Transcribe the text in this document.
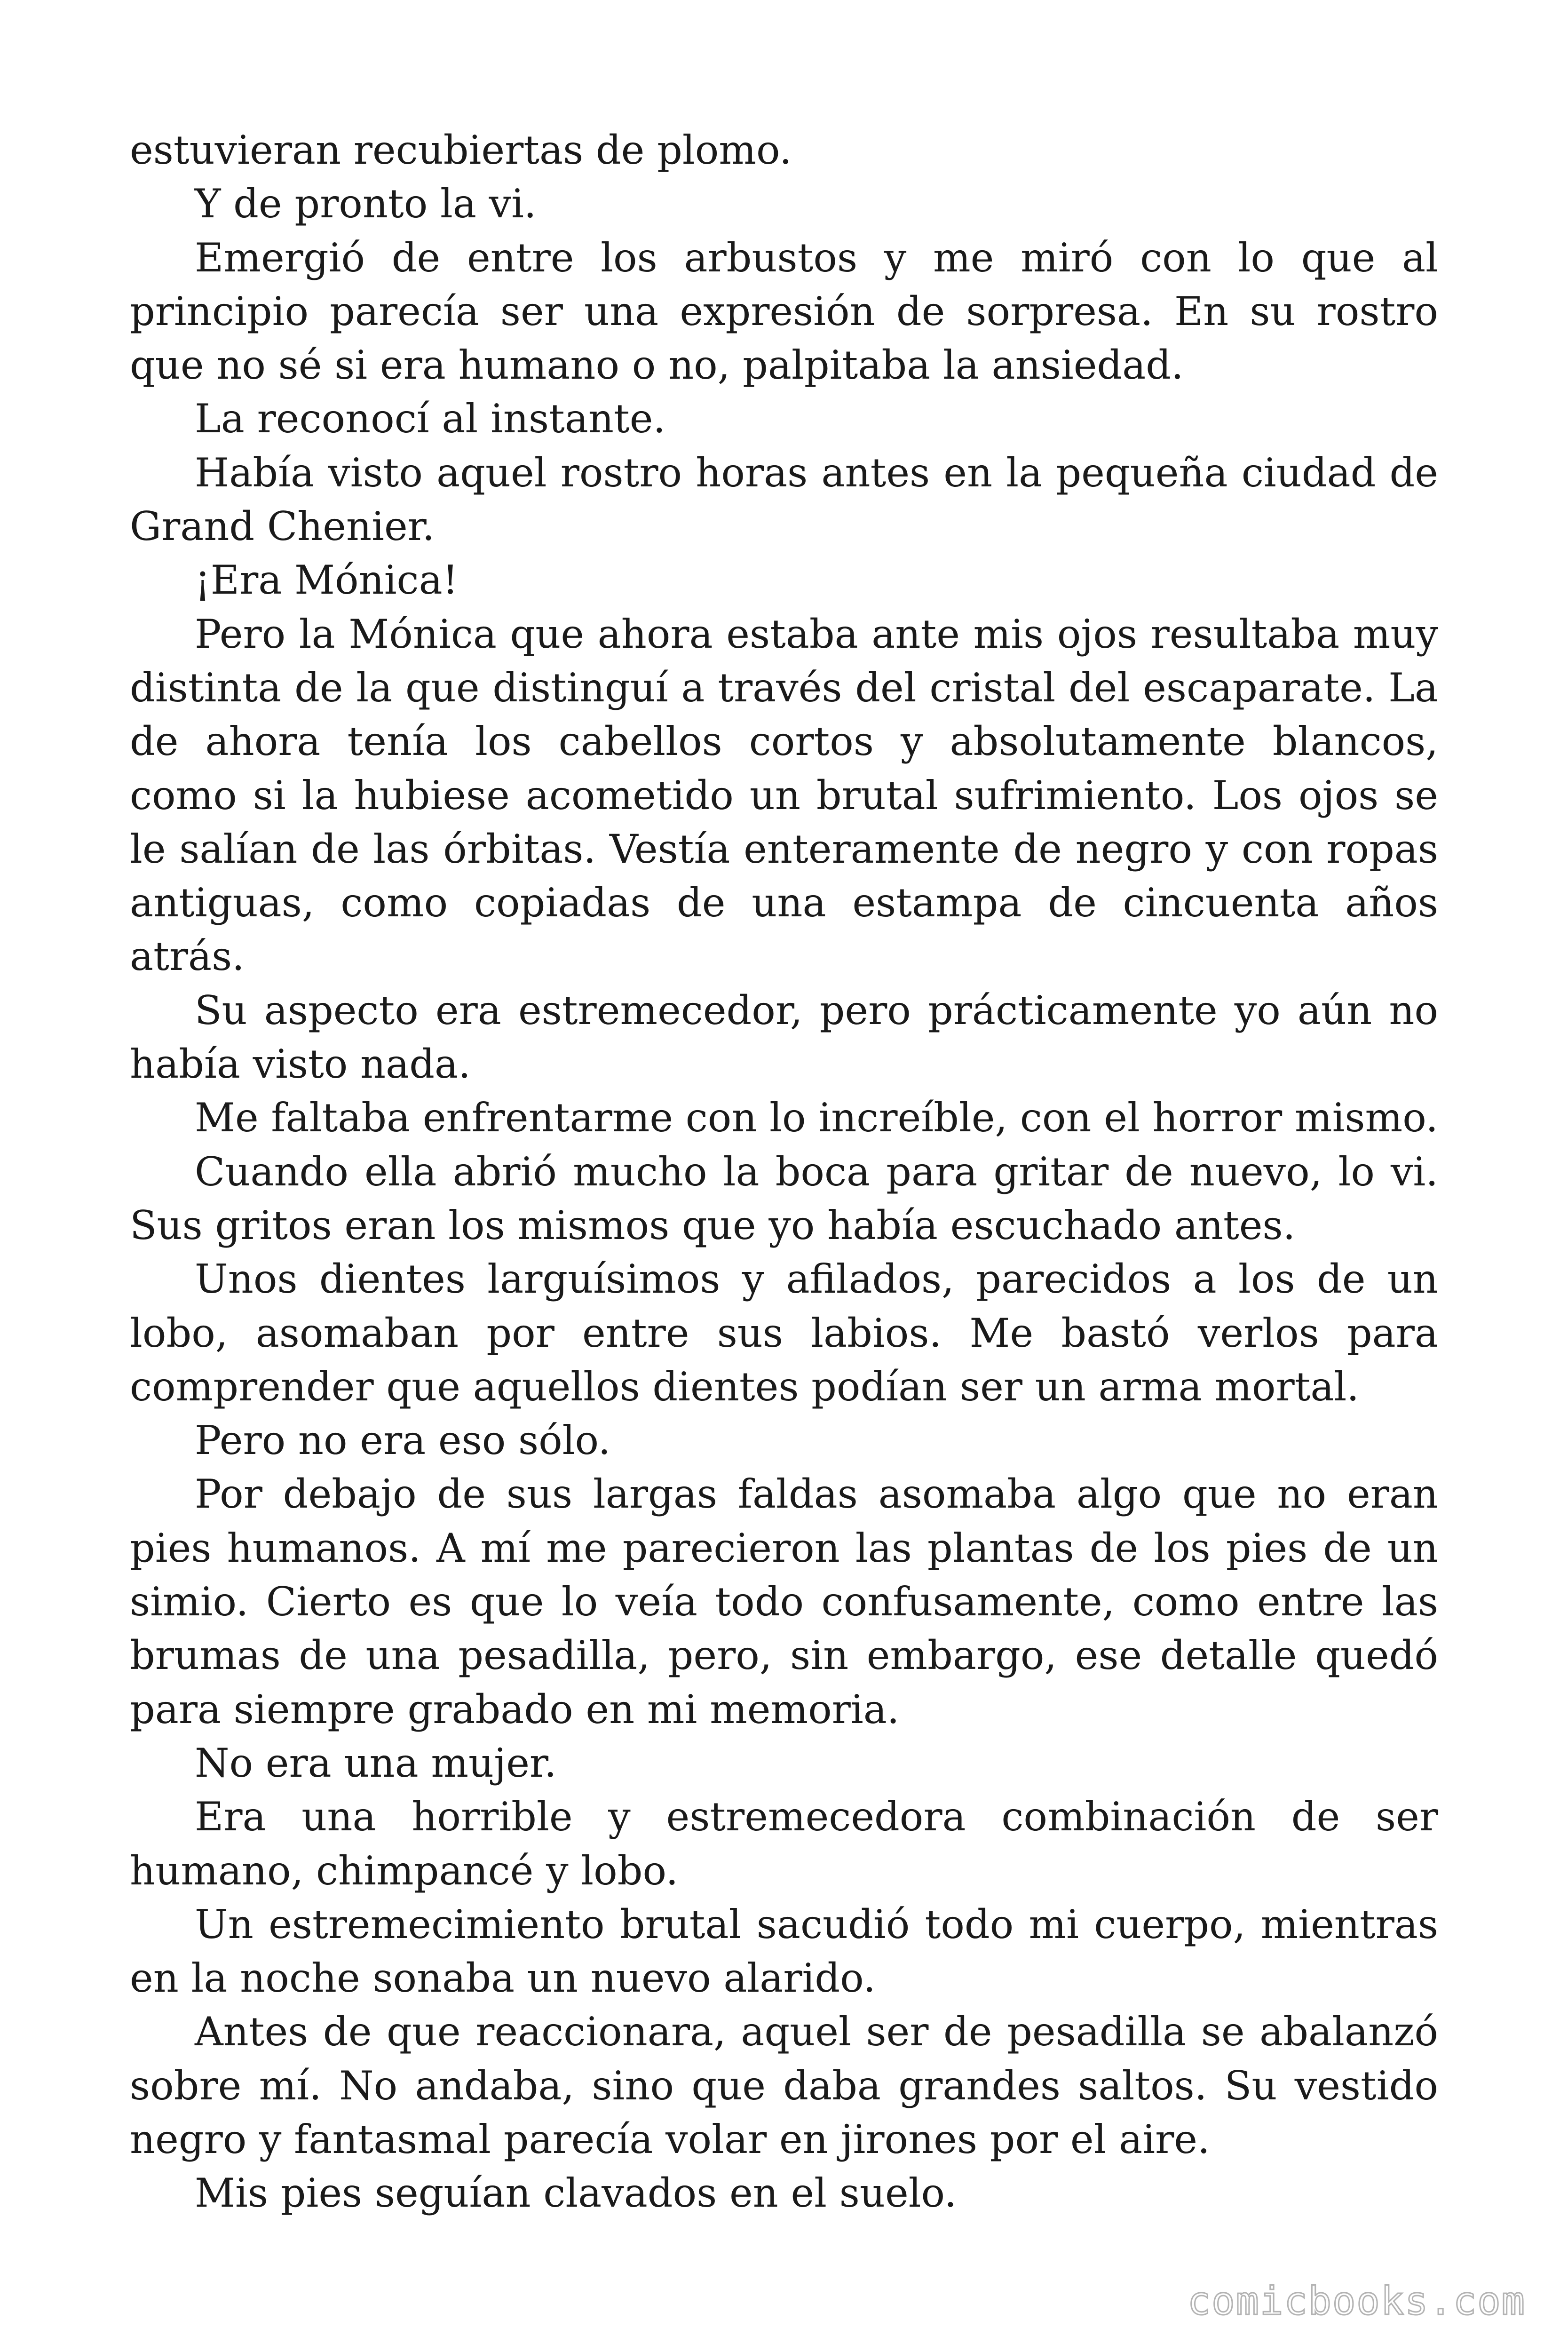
estuvieran recubiertas de plomo.

Y de pronto la vi.

Emergió de entre los arbustos y me miró con lo que al principio parecía ser una expresión de sorpresa. En su rostro que no sé si era humano o no, palpitaba la ansiedad.

La reconocí al instante.

Había visto aquel rostro horas antes en la pequeña ciudad de Grand Chenier.

¡Era Mónica!

Pero la Mónica que ahora estaba ante mis ojos resultaba muy distinta de la que distinguí a través del cristal del escaparate. La de ahora tenía los cabellos cortos y absolutamente blancos, como si la hubiese acometido un brutal sufrimiento. Los ojos se le salían de las órbitas. Vestía enteramente de negro y con ropas antiguas, como copiadas de una estampa de cincuenta años atrás.

Su aspecto era estremecedor, pero prácticamente yo aún no había visto nada.

Me faltaba enfrentarme con lo increíble, con el horror mismo.

Cuando ella abrió mucho la boca para gritar de nuevo, lo vi. Sus gritos eran los mismos que yo había escuchado antes.

Unos dientes larguísimos y afilados, parecidos a los de un lobo, asomaban por entre sus labios. Me bastó verlos para comprender que aquellos dientes podían ser un arma mortal.

Pero no era eso sólo.

Por debajo de sus largas faldas asomaba algo que no eran pies humanos. A mí me parecieron las plantas de los pies de un simio. Cierto es que lo veía todo confusamente, como entre las brumas de una pesadilla, pero, sin embargo, ese detalle quedó para siempre grabado en mi memoria.

No era una mujer.

Era una horrible y estremecedora combinación de ser humano, chimpancé y lobo.

Un estremecimiento brutal sacudió todo mi cuerpo, mientras en la noche sonaba un nuevo alarido.

Antes de que reaccionara, aquel ser de pesadilla se abalanzó sobre mí. No andaba, sino que daba grandes saltos. Su vestido negro y fantasmal parecía volar en jirones por el aire.

Mis pies seguían clavados en el suelo.

comicbooks.com
